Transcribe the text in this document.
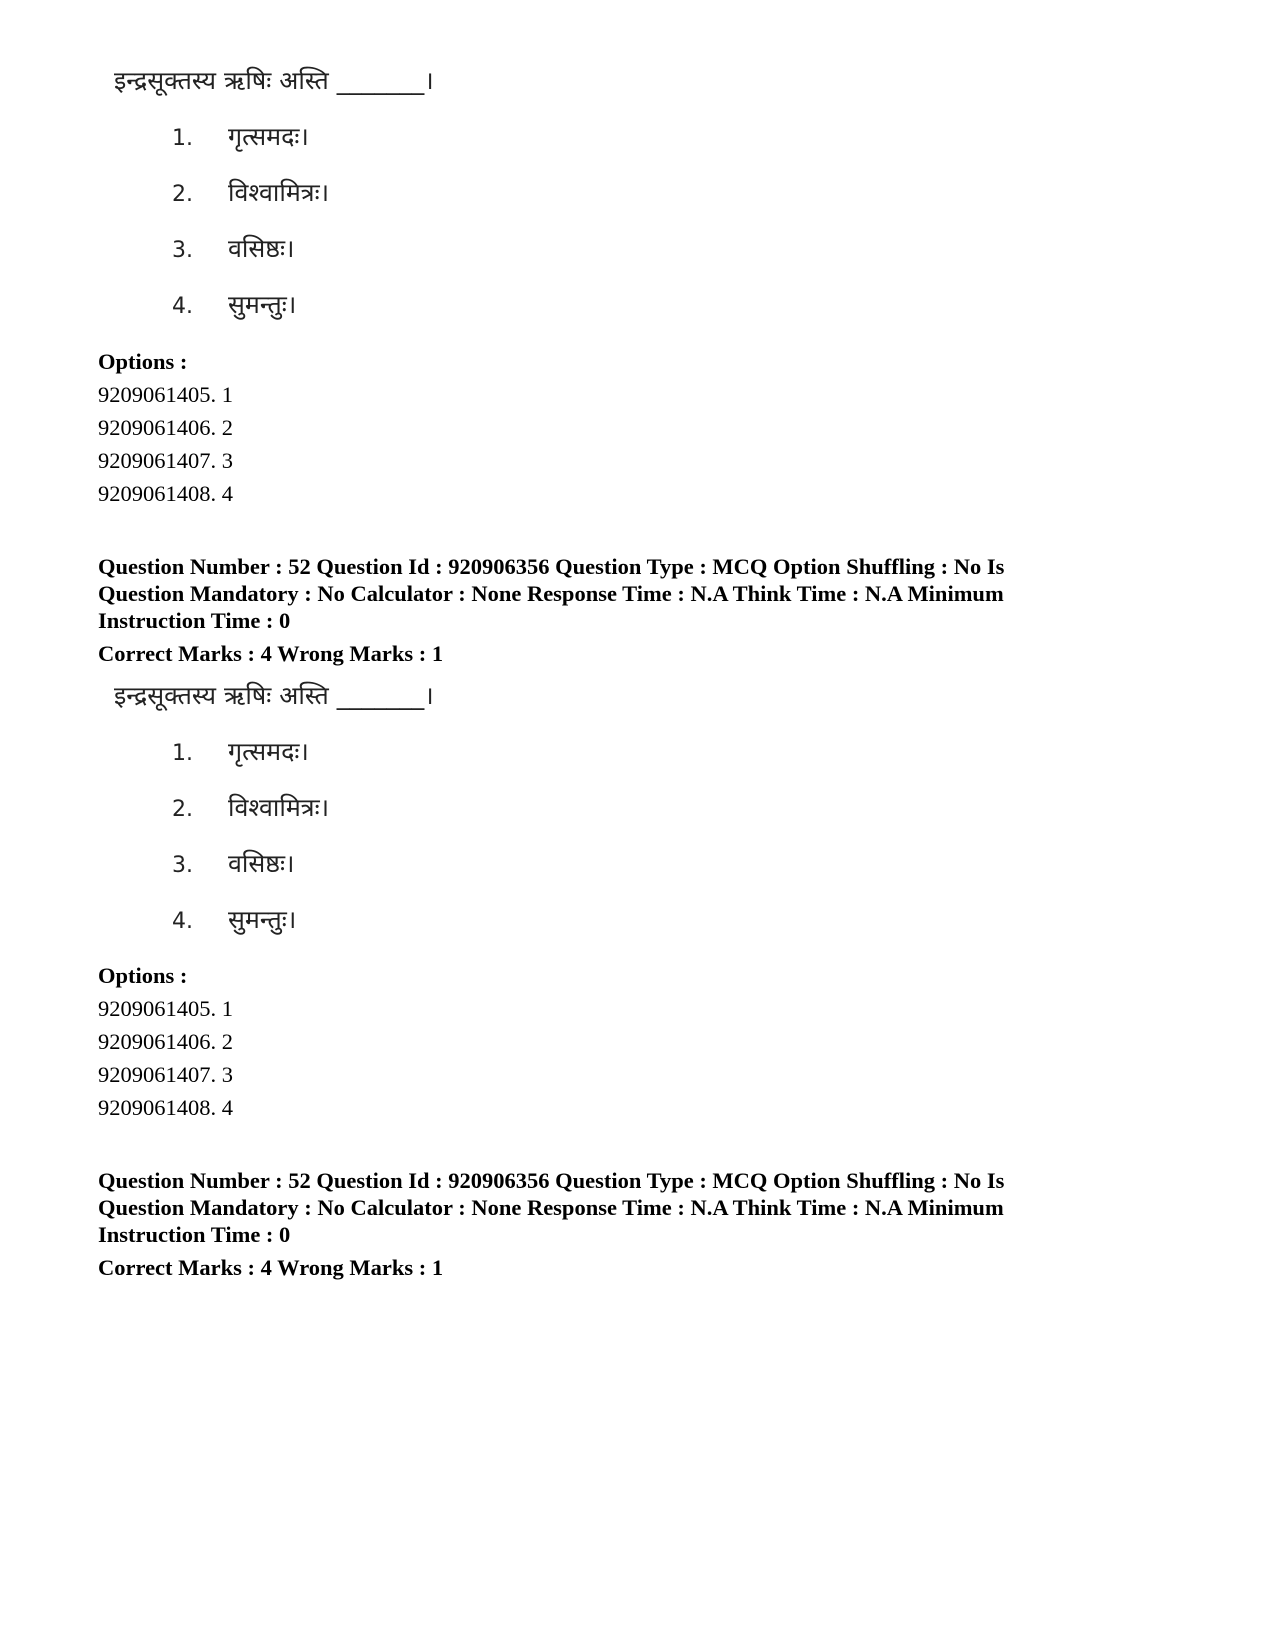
इन्द्रसूक्तस्य ऋषिः अस्ति _______।
1. गृत्समदः।
2. विश्वामित्रः।
3. वसिष्ठः।
4. सुमन्तुः।
Options :
9209061405. 1
9209061406. 2
9209061407. 3
9209061408. 4
Question Number : 52 Question Id : 920906356 Question Type : MCQ Option Shuffling : No Is
Question Mandatory : No Calculator : None Response Time : N.A Think Time : N.A Minimum
Instruction Time : 0
Correct Marks : 4 Wrong Marks : 1
इन्द्रसूक्तस्य ऋषिः अस्ति _______।
1. गृत्समदः।
2. विश्वामित्रः।
3. वसिष्ठः।
4. सुमन्तुः।
Options :
9209061405. 1
9209061406. 2
9209061407. 3
9209061408. 4
Question Number : 52 Question Id : 920906356 Question Type : MCQ Option Shuffling : No Is
Question Mandatory : No Calculator : None Response Time : N.A Think Time : N.A Minimum
Instruction Time : 0
Correct Marks : 4 Wrong Marks : 1
